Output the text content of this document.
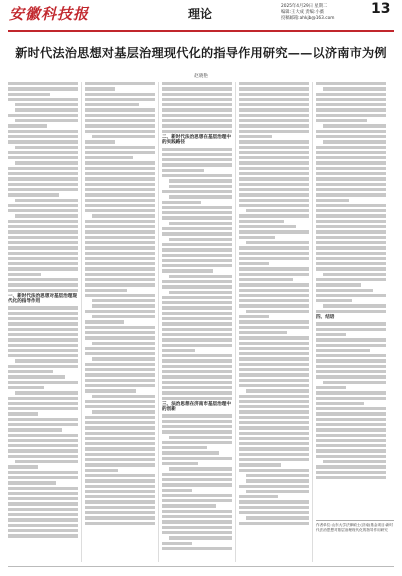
安徽科技报	理论
2025年4月29日 星期二
编辑:王大成 责编:小薇
投稿邮箱:ahkjb@163.com
13
新时代法治思想对基层治理现代化的指导作用研究——以济南市为例
赵晓艳
一、新时代法治思想对基层治理现代化的指导作用
二、新时代法治思想在基层治理中的实践路径
三、法治思想在济南市基层治理中的创新
四、结语
作者单位:山东大学法律硕士(济南)基金项目:新时代法治思想对基层治理现代化的指导作用研究
